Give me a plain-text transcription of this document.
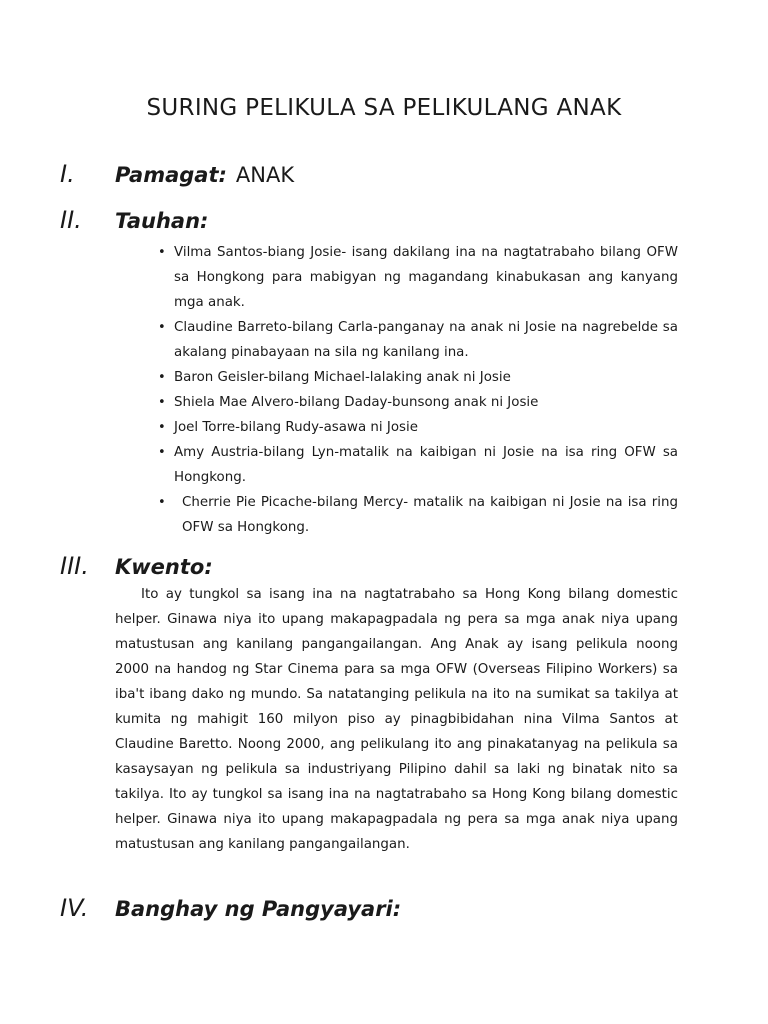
SURING PELIKULA SA PELIKULANG ANAK
I.	Pamagat: ANAK
II.	Tauhan:
• Vilma Santos-biang Josie- isang dakilang ina na nagtatrabaho bilang OFW sa Hongkong para mabigyan ng magandang kinabukasan ang kanyang mga anak.
• Claudine Barreto-bilang Carla-panganay na anak ni Josie na nagrebelde sa akalang pinabayaan na sila ng kanilang ina.
• Baron Geisler-bilang Michael-lalaking anak ni Josie
• Shiela Mae Alvero-bilang Daday-bunsong anak ni Josie
• Joel Torre-bilang Rudy-asawa ni Josie
• Amy Austria-bilang Lyn-matalik na kaibigan ni Josie na isa ring OFW sa Hongkong.
• Cherrie Pie Picache-bilang Mercy- matalik na kaibigan ni Josie na isa ring OFW sa Hongkong.
III.	Kwento:

Ito ay tungkol sa isang ina na nagtatrabaho sa Hong Kong bilang domestic helper. Ginawa niya ito upang makapagpadala ng pera sa mga anak niya upang matustusan ang kanilang pangangailangan. Ang Anak ay isang pelikula noong 2000 na handog ng Star Cinema para sa mga OFW (Overseas Filipino Workers) sa iba't ibang dako ng mundo. Sa natatanging pelikula na ito na sumikat sa takilya at kumita ng mahigit 160 milyon piso ay pinagbibidahan nina Vilma Santos at Claudine Baretto. Noong 2000, ang pelikulang ito ang pinakatanyag na pelikula sa kasaysayan ng pelikula sa industriyang Pilipino dahil sa laki ng binatak nito sa takilya. Ito ay tungkol sa isang ina na nagtatrabaho sa Hong Kong bilang domestic helper. Ginawa niya ito upang makapagpadala ng pera sa mga anak niya upang matustusan ang kanilang pangangailangan.

IV.	Banghay ng Pangyayari:
